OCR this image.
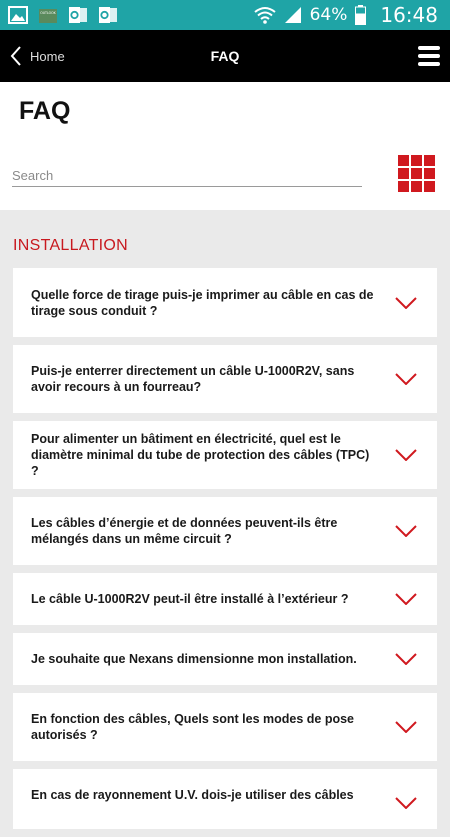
OUTLOOK	64% 16:48
Home	FAQ
FAQ
Search
INSTALLATION
Quelle force de tirage puis-je imprimer au câble en cas de tirage sous conduit ?
Puis-je enterrer directement un câble U-1000R2V, sans avoir recours à un fourreau?
Pour alimenter un bâtiment en électricité, quel est le diamètre minimal du tube de protection des câbles (TPC) ?
Les câbles d’énergie et de données peuvent-ils être mélangés dans un même circuit ?
Le câble U-1000R2V peut-il être installé à l’extérieur ?
Je souhaite que Nexans dimensionne mon installation.
En fonction des câbles, Quels sont les modes de pose autorisés ?
En cas de rayonnement U.V. dois-je utiliser des câbles
